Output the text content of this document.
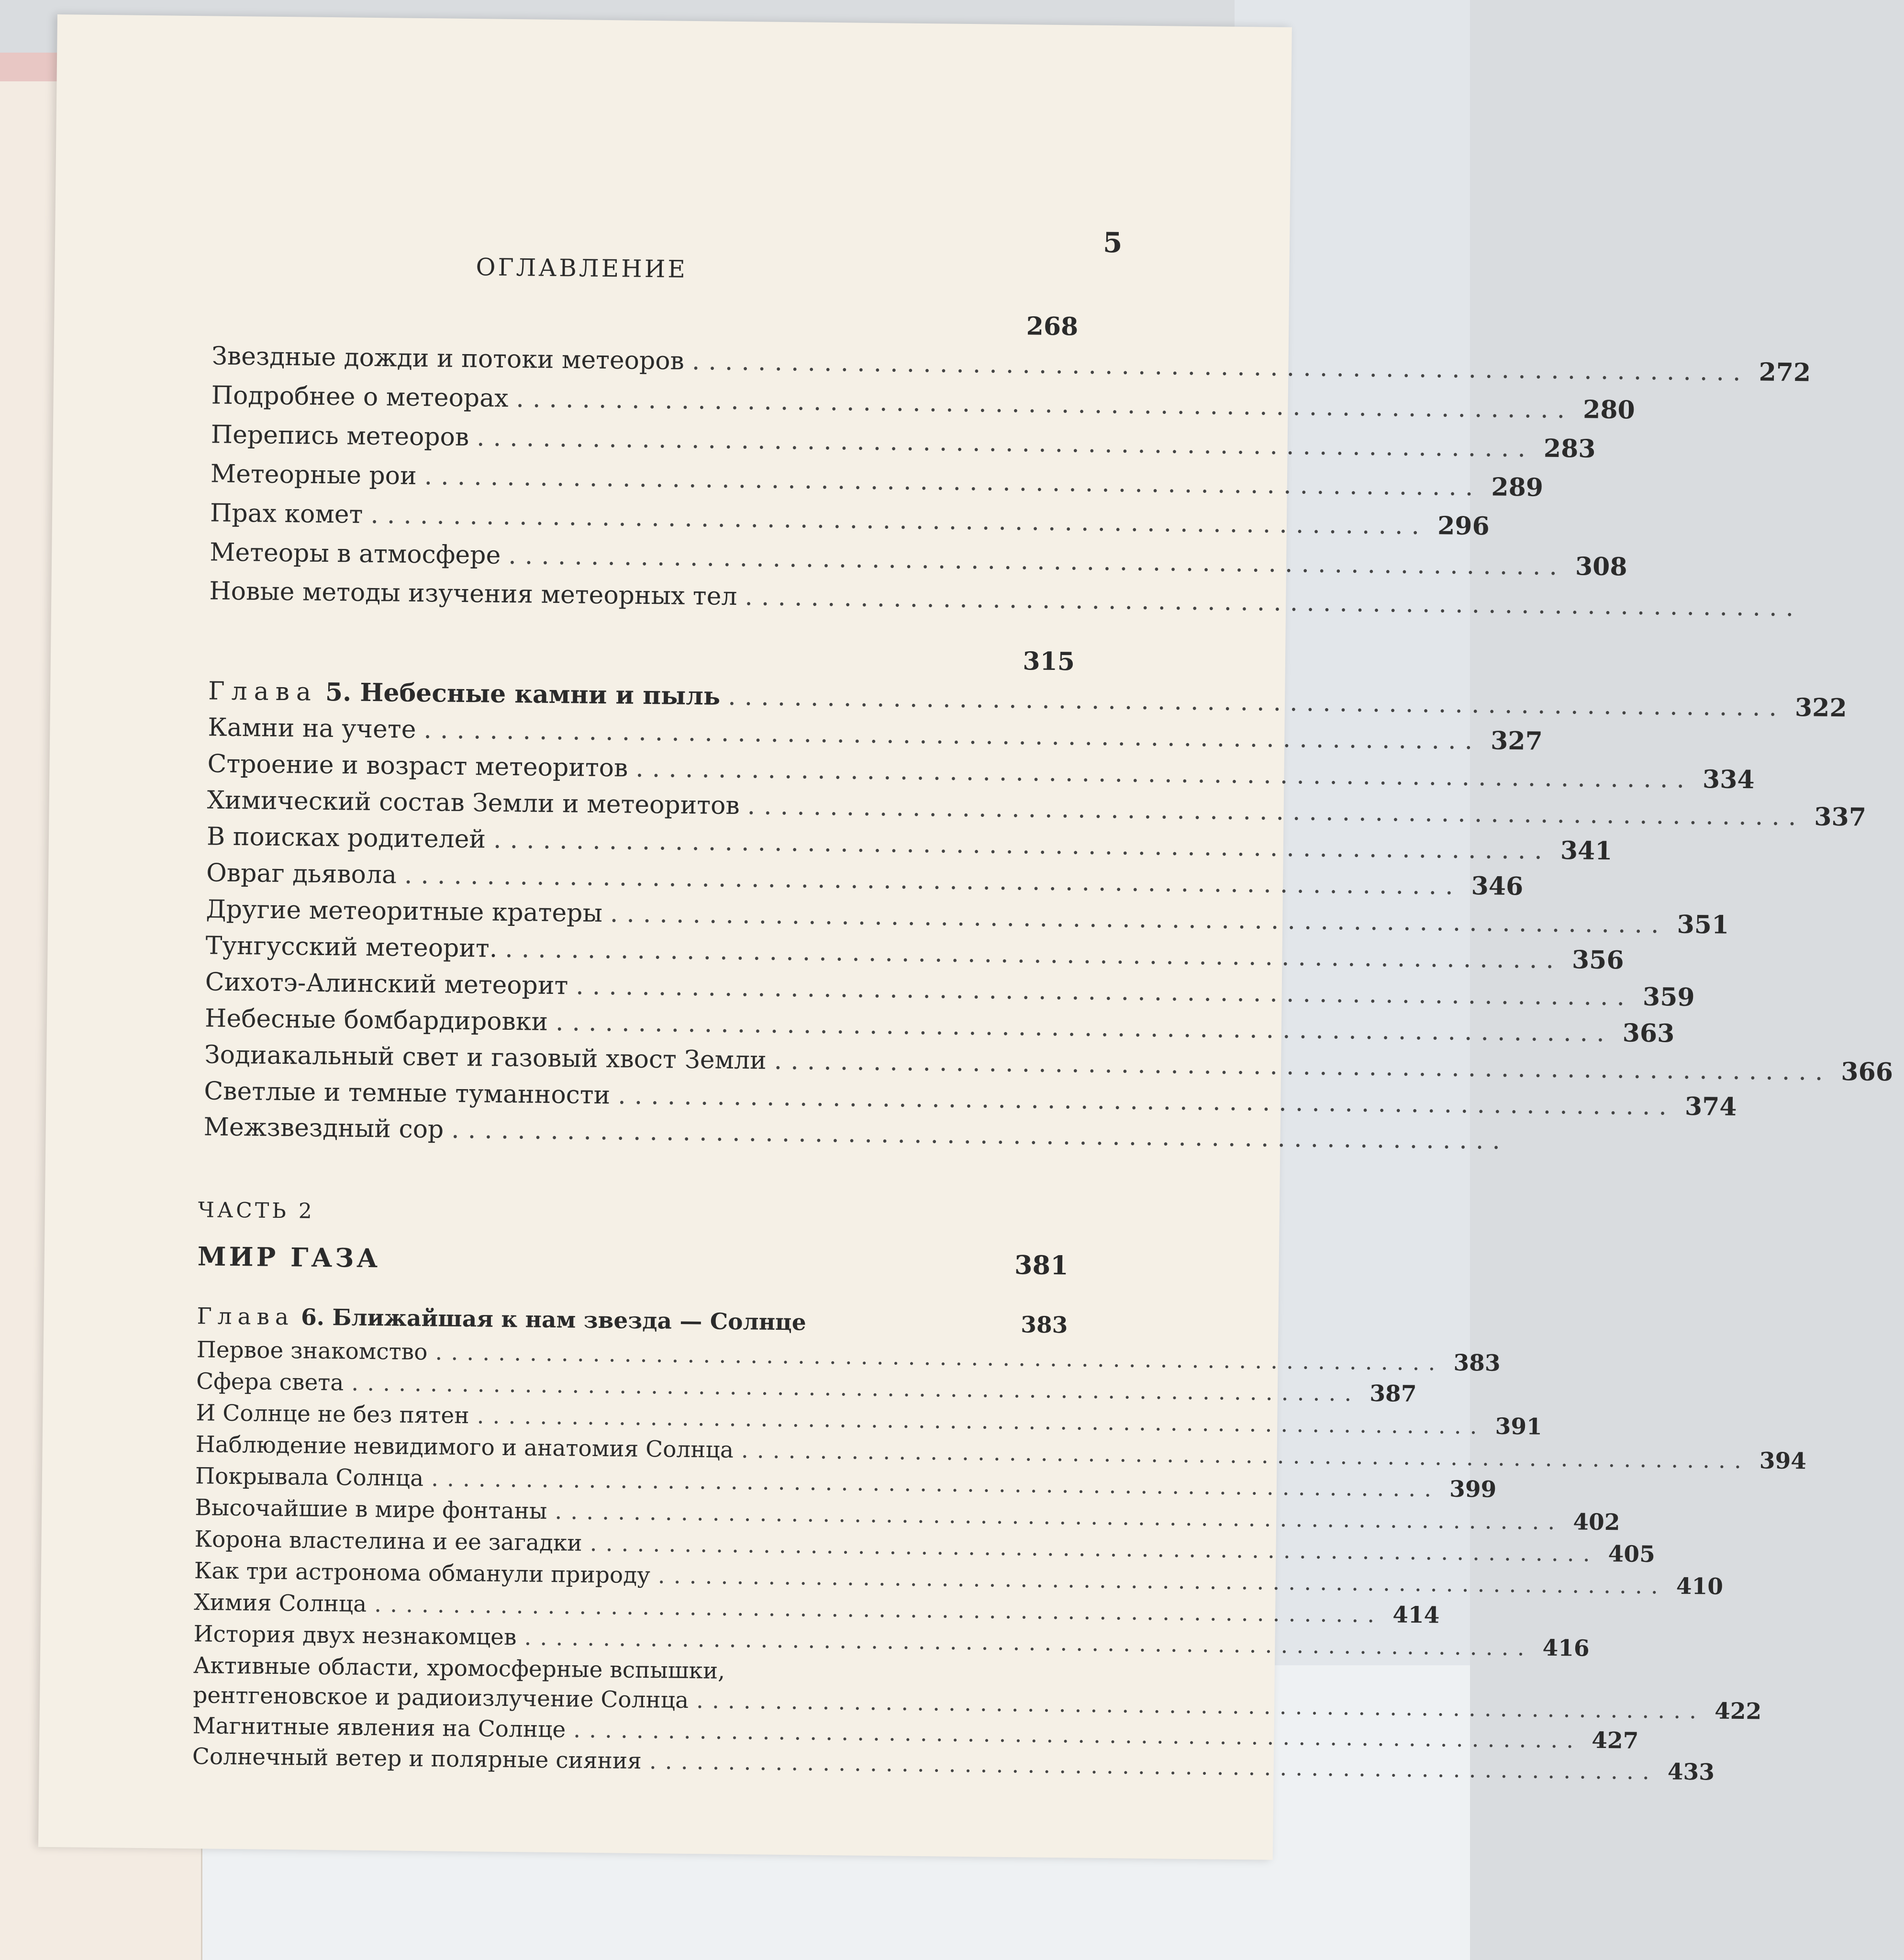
5
ОГЛАВЛЕНИЕ
268
Звездные дожди и потоки метеоров ................................................................ 272
Подробнее о метеорах ................................................................ 280
Перепись метеоров ................................................................ 283
Метеорные рои ................................................................ 289
Прах комет ................................................................ 296
Метеоры в атмосфере ................................................................ 308
Новые методы изучения метеорных тел ................................................................
315
Глава 5. Небесные камни и пыль ................................................................ 322
Камни на учете ................................................................ 327
Строение и возраст метеоритов ................................................................ 334
Химический состав Земли и метеоритов ................................................................ 337
В поисках родителей ................................................................ 341
Овраг дьявола ................................................................ 346
Другие метеоритные кратеры ................................................................ 351
Тунгусский метеорит. ................................................................ 356
Сихотэ-Алинский метеорит ................................................................ 359
Небесные бомбардировки ................................................................ 363
Зодиакальный свет и газовый хвост Земли ................................................................ 366
Светлые и темные туманности ................................................................ 374
Межзвездный сор ................................................................
ЧАСТЬ 2
МИР ГАЗА	381
Глава 6. Ближайшая к нам звезда — Солнце	383
Первое знакомство ................................................................ 383
Сфера света ................................................................ 387
И Солнце не без пятен ................................................................ 391
Наблюдение невидимого и анатомия Солнца ................................................................ 394
Покрывала Солнца ................................................................ 399
Высочайшие в мире фонтаны ................................................................ 402
Корона властелина и ее загадки ................................................................ 405
Как три астронома обманули природу ................................................................ 410
Химия Солнца ................................................................ 414
История двух незнакомцев ................................................................ 416
Активные области, хромосферные вспышки,
рентгеновское и радиоизлучение Солнца ................................................................ 422
Магнитные явления на Солнце ................................................................ 427
Солнечный ветер и полярные сияния ................................................................ 433
